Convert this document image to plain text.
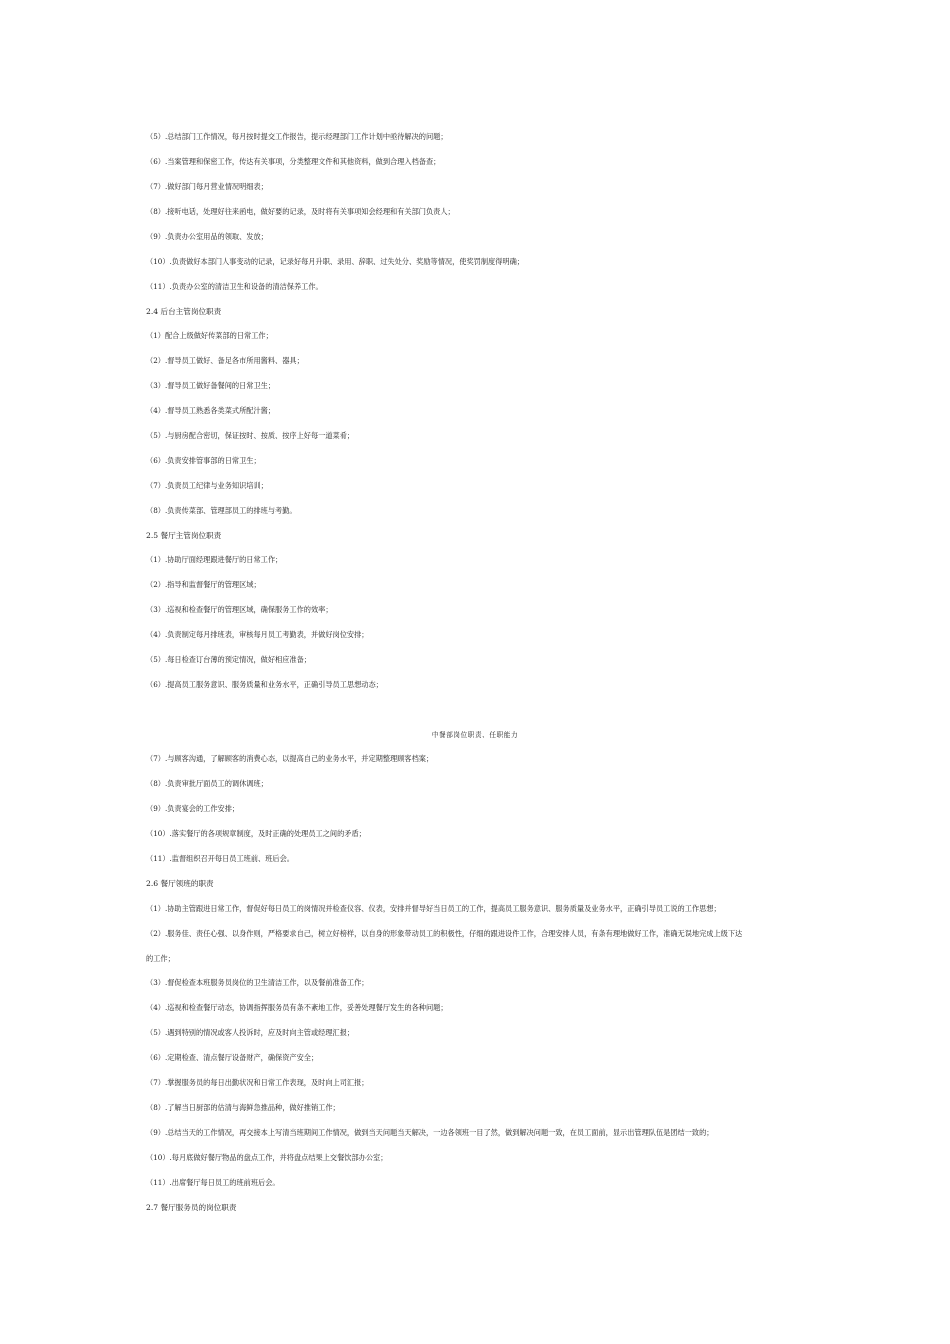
（5）.总结部门工作情况，每月按时提交工作报告，提示经理部门工作计划中亟待解决的问题；
（6）.当案管理和保密工作，传达有关事项，分类整理文件和其他资料，做到合理入档备查；
（7）.做好部门每月营业情况明细表；
（8）.接听电话，处理好往来函电，做好要的记录，及时将有关事项知会经理和有关部门负责人；
（9）.负责办公室用品的领取、发放；
（10）.负责做好本部门人事变动的记录，记录好每月升职、录用、辞职、过失处分、奖励等情况，使奖罚制度得明确；
（11）.负责办公室的清洁卫生和设备的清洁保养工作。
2.4 后台主管岗位职责
（1）配合上级做好传菜部的日常工作；
（2）.督导员工做好、备足各市所用酱料、器具；
（3）.督导员工做好备餐间的日常卫生；
（4）.督导员工熟悉各类菜式所配汁酱；
（5）.与厨房配合密切，保证按时、按质、按序上好每一道菜肴；
（6）.负责安排管事部的日常卫生；
（7）.负责员工纪律与业务知识培训；
（8）.负责传菜部、管理部员工的排班与考勤。
2.5 餐厅主管岗位职责
（1）.协助厅面经理跟进餐厅的日常工作；
（2）.指导和监督餐厅的管理区域；
（3）.巡视和检查餐厅的管理区域，确保服务工作的效率；
（4）.负责制定每月排班表，审核每月员工考勤表，并做好岗位安排；
（5）.每日检查订台薄的预定情况，做好相应准备；
（6）.提高员工服务意识、服务质量和业务水平，正确引导员工思想动态；
中餐部岗位职责、任职能力
（7）.与顾客沟通，了解顾客的消费心态，以提高自己的业务水平，并定期整理顾客档案；
（8）.负责审批厅面员工的调休调班；
（9）.负责宴会的工作安排；
（10）.落实餐厅的各项规章制度，及时正确的处理员工之间的矛盾；
（11）.监督组织召开每日员工班前、班后会。
2.6 餐厅领班的职责
（1）.协助主管跟进日常工作，督促好每日员工的岗情况并检查仪容、仪表，安排并督导好当日员工的工作，提高员工服务意识、服务质量及业务水平，正确引导员工说的工作思想；
（2）.服务佳、责任心强、以身作则，严格要求自己，树立好榜样，以自身的形象带动员工的积极性，仔细的跟进设件工作，合理安排人员，有条有理地做好工作，准确无误地完成上级下达
的工作；
（3）.督促检查本班服务员岗位的卫生清洁工作，以及餐前准备工作；
（4）.巡视和检查餐厅动态，协调指挥服务员有条不紊地工作，妥善处理餐厅发生的各种问题；
（5）.遇到特别的情况或客人投诉时，应及时向主管或经理汇报；
（6）.定期检查、清点餐厅设备财产，确保资产安全；
（7）.掌握服务员的每日出勤状况和日常工作表现，及时向上司汇报；
（8）.了解当日厨部的估清与海鲜急推品种，做好推销工作；
（9）.总结当天的工作情况，再交接本上写清当班期间工作情况，做到当天问题当天解决，一边各领班一目了然，做到解决问题一致，在员工面前，显示出管理队伍是团结一致的；
（10）.每月底做好餐厅物品的盘点工作，并将盘点结果上交餐饮部办公室；
（11）.出席餐厅每日员工的班前班后会。
2.7 餐厅服务员的岗位职责
